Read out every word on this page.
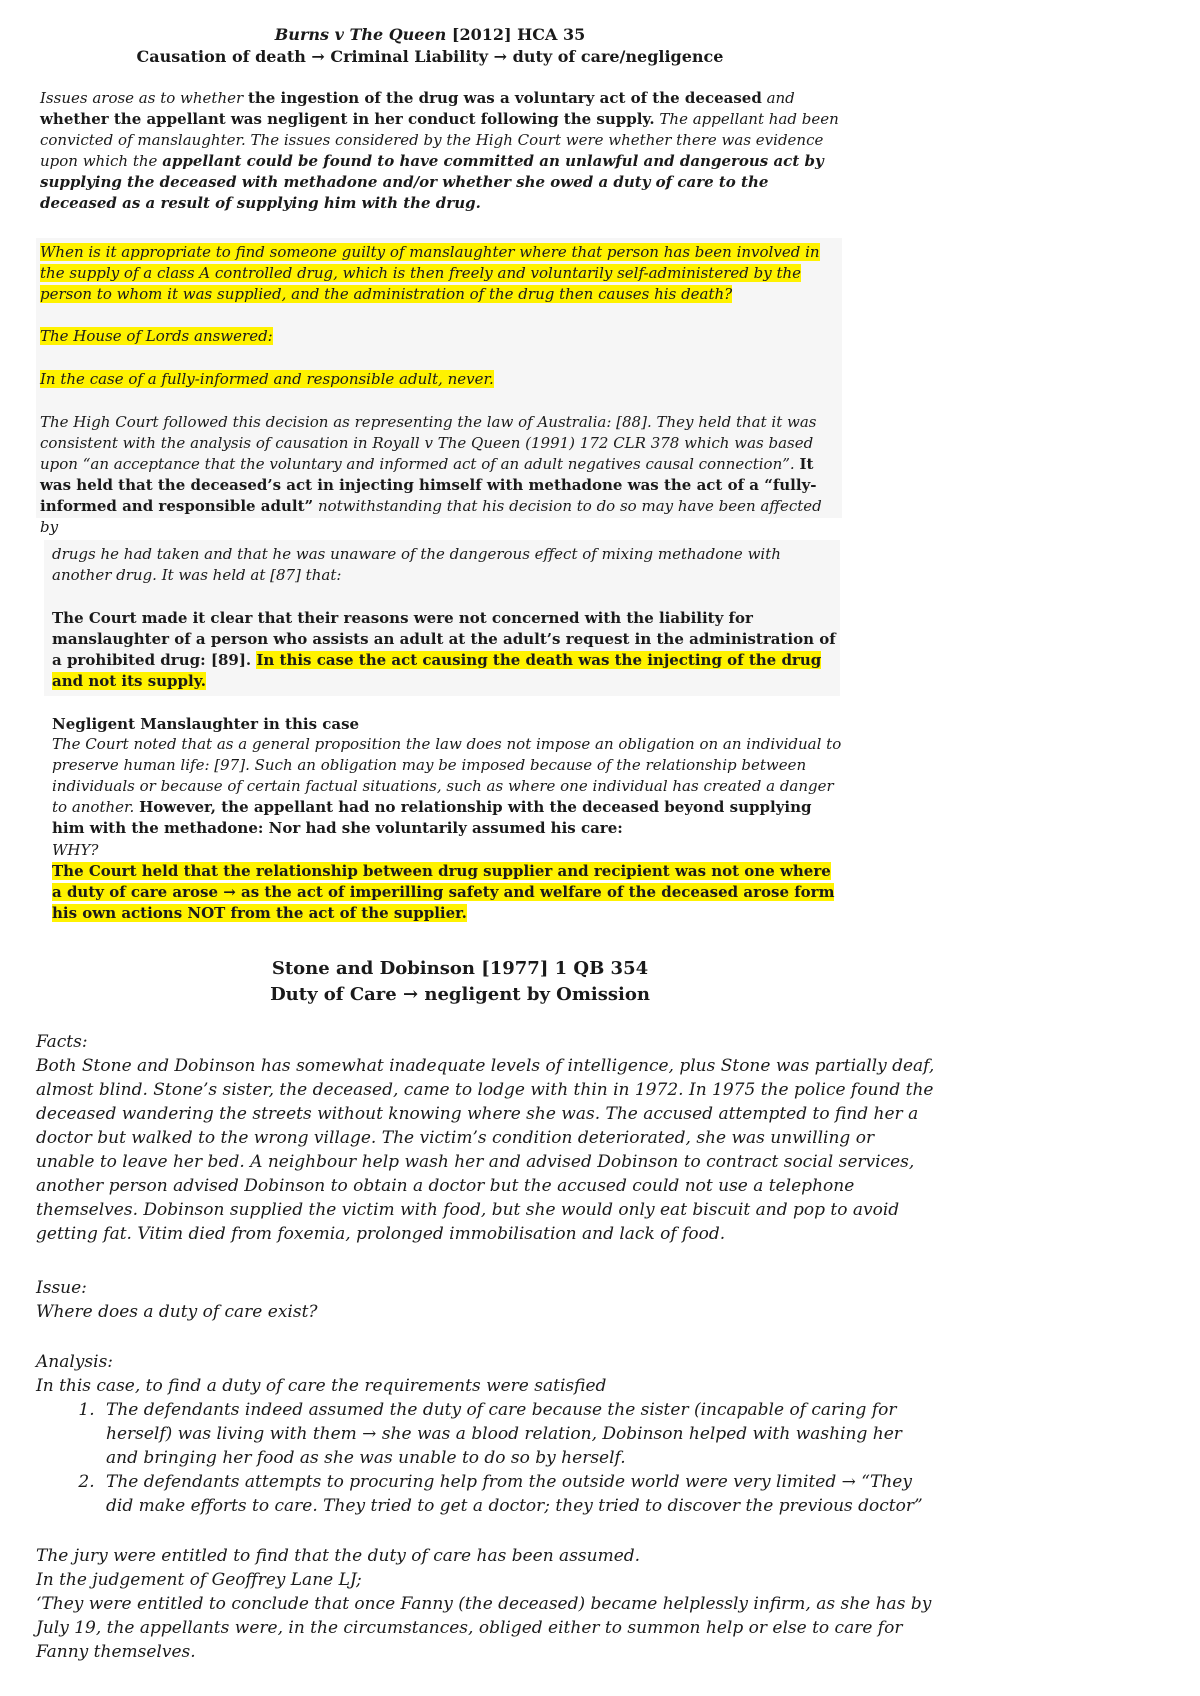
Burns v The Queen [2012] HCA 35
Causation of death → Criminal Liability → duty of care/negligence
Issues arose as to whether the ingestion of the drug was a voluntary act of the deceased and whether the appellant was negligent in her conduct following the supply. The appellant had been convicted of manslaughter. The issues considered by the High Court were whether there was evidence upon which the appellant could be found to have committed an unlawful and dangerous act by supplying the deceased with methadone and/or whether she owed a duty of care to the deceased as a result of supplying him with the drug.
When is it appropriate to find someone guilty of manslaughter where that person has been involved in the supply of a class A controlled drug, which is then freely and voluntarily self-administered by the person to whom it was supplied, and the administration of the drug then causes his death?
The House of Lords answered:
In the case of a fully-informed and responsible adult, never.
The High Court followed this decision as representing the law of Australia: [88]. They held that it was consistent with the analysis of causation in Royall v The Queen (1991) 172 CLR 378 which was based upon “an acceptance that the voluntary and informed act of an adult negatives causal connection”. It was held that the deceased’s act in injecting himself with methadone was the act of a “fully-informed and responsible adult” notwithstanding that his decision to do so may have been affected by
drugs he had taken and that he was unaware of the dangerous effect of mixing methadone with another drug. It was held at [87] that:
The Court made it clear that their reasons were not concerned with the liability for manslaughter of a person who assists an adult at the adult’s request in the administration of a prohibited drug: [89]. In this case the act causing the death was the injecting of the drug and not its supply.
Negligent Manslaughter in this case
The Court noted that as a general proposition the law does not impose an obligation on an individual to preserve human life: [97]. Such an obligation may be imposed because of the relationship between individuals or because of certain factual situations, such as where one individual has created a danger to another. However, the appellant had no relationship with the deceased beyond supplying him with the methadone: Nor had she voluntarily assumed his care:
WHY?
The Court held that the relationship between drug supplier and recipient was not one where a duty of care arose → as the act of imperilling safety and welfare of the deceased arose form his own actions NOT from the act of the supplier.
Stone and Dobinson [1977] 1 QB 354
Duty of Care → negligent by Omission
Facts:
Both Stone and Dobinson has somewhat inadequate levels of intelligence, plus Stone was partially deaf, almost blind. Stone’s sister, the deceased, came to lodge with thin in 1972. In 1975 the police found the deceased wandering the streets without knowing where she was. The accused attempted to find her a doctor but walked to the wrong village. The victim’s condition deteriorated, she was unwilling or unable to leave her bed. A neighbour help wash her and advised Dobinson to contract social services, another person advised Dobinson to obtain a doctor but the accused could not use a telephone themselves. Dobinson supplied the victim with food, but she would only eat biscuit and pop to avoid getting fat. Vitim died from foxemia, prolonged immobilisation and lack of food.
Issue:
Where does a duty of care exist?
Analysis:
In this case, to find a duty of care the requirements were satisfied
1. The defendants indeed assumed the duty of care because the sister (incapable of caring for herself) was living with them → she was a blood relation, Dobinson helped with washing her and bringing her food as she was unable to do so by herself.
2. The defendants attempts to procuring help from the outside world were very limited → “They did make efforts to care. They tried to get a doctor; they tried to discover the previous doctor”
The jury were entitled to find that the duty of care has been assumed.
In the judgement of Geoffrey Lane LJ;
‘They were entitled to conclude that once Fanny (the deceased) became helplessly infirm, as she has by July 19, the appellants were, in the circumstances, obliged either to summon help or else to care for Fanny themselves.
